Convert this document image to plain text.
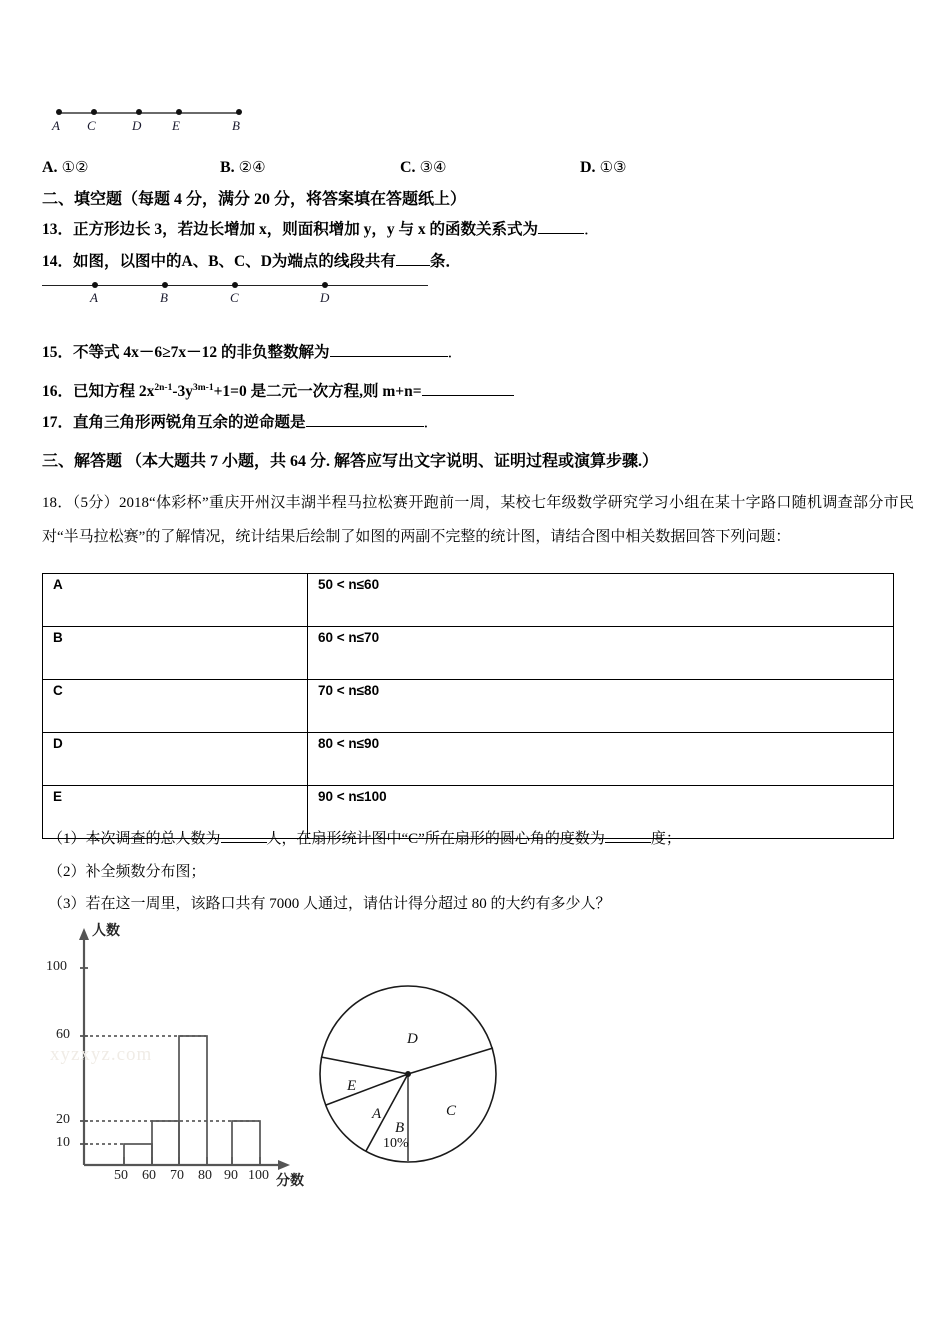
A C	D E	B
A. ①②	B. ②④	C. ③④	D. ①③
二、填空题（每题 4 分，满分 20 分，将答案填在答题纸上）
13．正方形边长 3，若边长增加 x，则面积增加 y，y 与 x 的函数关系式为	．
14．如图，以图中的A、B、C、D为端点的线段共有 条．
A	B	C	D
15．不等式 4x－6≥7x－12 的非负整数解为	．
16．已知方程 $2x^{2n-1}-3y^{3m-1}+1=0$ 是二元一次方程,则 m+n=
17．直角三角形两锐角互余的逆命题是	．
三、解答题 （本大题共 7 小题，共 64 分. 解答应写出文字说明、证明过程或演算步骤.）
18．（5分）2018“体彩杯”重庆开州汉丰湖半程马拉松赛开跑前一周，某校七年级数学研究学习小组在某十字路口随机调查部分市民对“半马拉松赛”的了解情况，统计结果后绘制了如图的两副不完整的统计图，请结合图中相关数据回答下列问题：
A	50 < n≤60
B	60 < n≤70
C	70 < n≤80
D	80 < n≤90
E	90 < n≤100
（1）本次调查的总人数为	人，在扇形统计图中“C”所在扇形的圆心角的度数为	度；
（2）补全频数分布图；
（3）若在这一周里，该路口共有 7000 人通过，请估计得分超过 80 的大约有多少人？
100
60
20
10
50 60 70 80 90 100 分数
人数
xyzxyz.com
D
E
A
B
10%
C
